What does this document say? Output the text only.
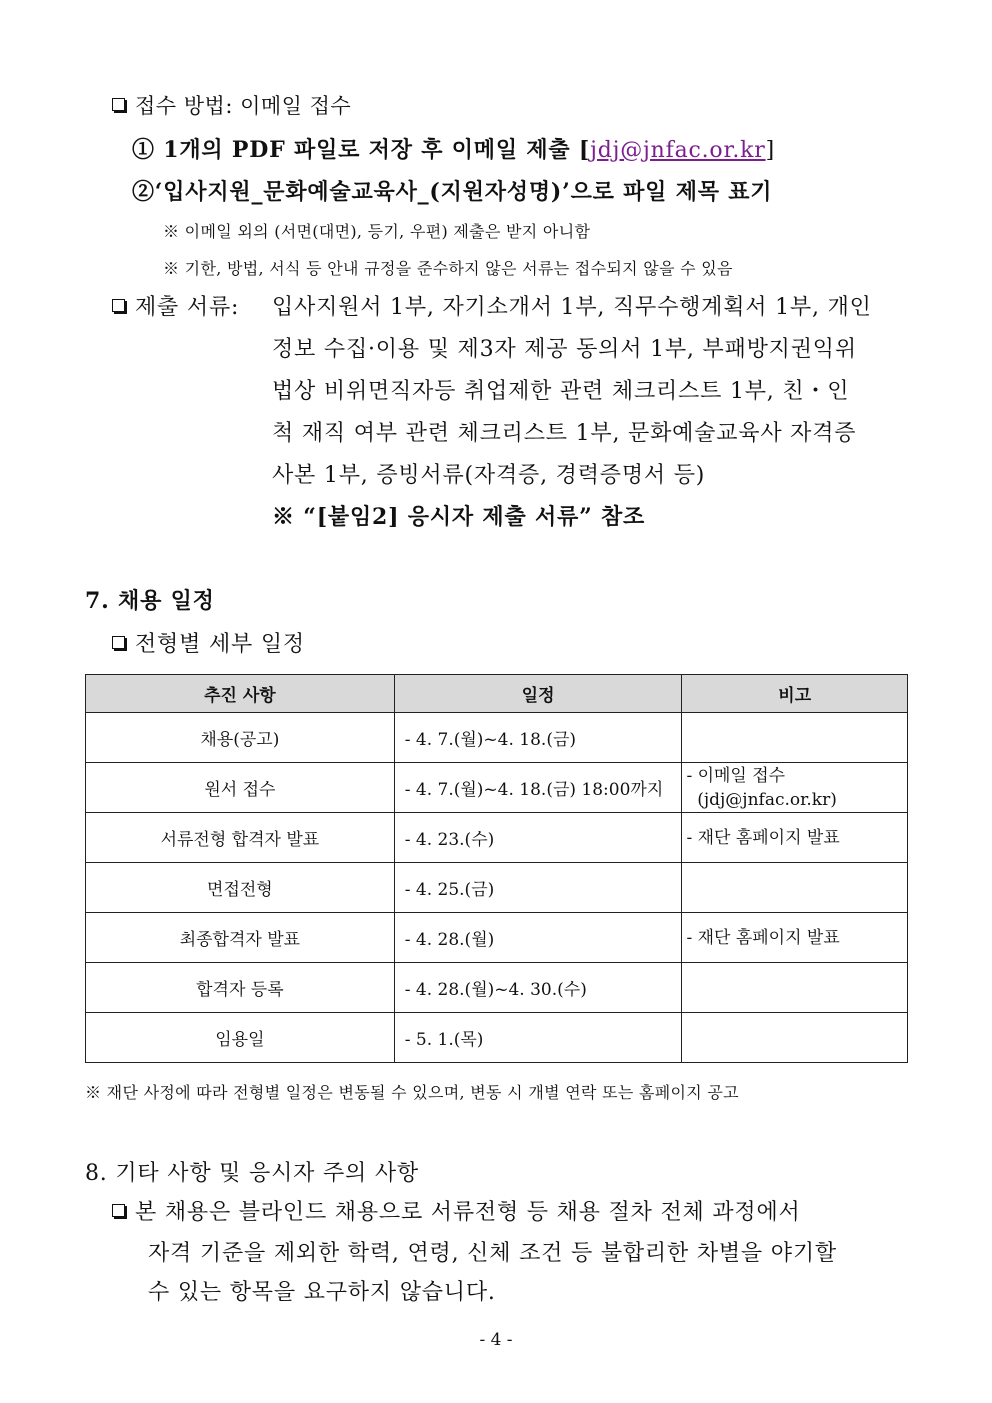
접수 방법: 이메일 접수
① 1개의 PDF 파일로 저장 후 이메일 제출 [jdj@jnfac.or.kr]
②‘입사지원_문화예술교육사_(지원자성명)’으로 파일 제목 표기
※ 이메일 외의 (서면(대면), 등기, 우편) 제출은 받지 아니함
※ 기한, 방법, 서식 등 안내 규정을 준수하지 않은 서류는 접수되지 않을 수 있음
제출 서류: 입사지원서 1부, 자기소개서 1부, 직무수행계획서 1부, 개인
정보 수집·이용 및 제3자 제공 동의서 1부, 부패방지권익위
법상 비위면직자등 취업제한 관련 체크리스트 1부, 친・인
척 재직 여부 관련 체크리스트 1부, 문화예술교육사 자격증
사본 1부, 증빙서류(자격증, 경력증명서 등)
※ “[붙임2] 응시자 제출 서류” 참조
7. 채용 일정
전형별 세부 일정
추진 사항	일정	비고
채용(공고)	- 4. 7.(월)~4. 18.(금)	
원서 접수	- 4. 7.(월)~4. 18.(금) 18:00까지	- 이메일 접수
(jdj@jnfac.or.kr)
서류전형 합격자 발표	- 4. 23.(수)	- 재단 홈페이지 발표
면접전형	- 4. 25.(금)	
최종합격자 발표	- 4. 28.(월)	- 재단 홈페이지 발표
합격자 등록	- 4. 28.(월)~4. 30.(수)	
임용일	- 5. 1.(목)	
※ 재단 사정에 따라 전형별 일정은 변동될 수 있으며, 변동 시 개별 연락 또는 홈페이지 공고
8. 기타 사항 및 응시자 주의 사항
본 채용은 블라인드 채용으로 서류전형 등 채용 절차 전체 과정에서
자격 기준을 제외한 학력, 연령, 신체 조건 등 불합리한 차별을 야기할
수 있는 항목을 요구하지 않습니다.
- 4 -
